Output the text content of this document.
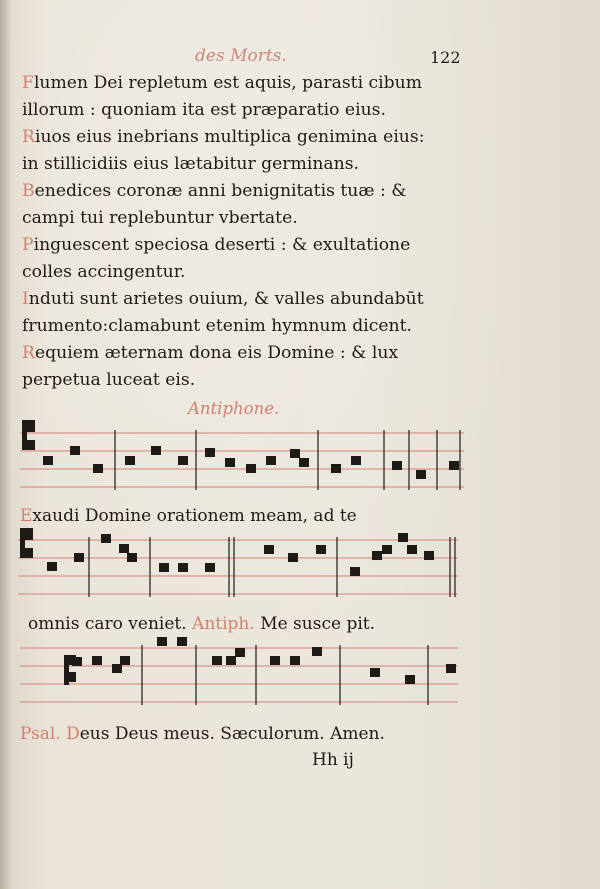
des Morts.	122
Flumen Dei repletum est aquis, parasti cibum
illorum : quoniam ita est præparatio eius.
Riuos eius inebrians multiplica genimina eius:
in stillicidiis eius lætabitur germinans.
Benedices coronæ anni benignitatis tuæ : &
campi tui replebuntur vbertate.
Pinguescent speciosa deserti : & exultatione
colles accingentur.
Induti sunt arietes ouium, & valles abundabūt
frumento:clamabunt etenim hymnum dicent.
Requiem æternam dona eis Domine : & lux
perpetua luceat eis.
Antiphone.
Exaudi Domine orationem meam, ad te
omnis caro veniet. Antiph. Me susce pit.
Psal. Deus Deus meus. Sæculorum. Amen.
Hh ij
